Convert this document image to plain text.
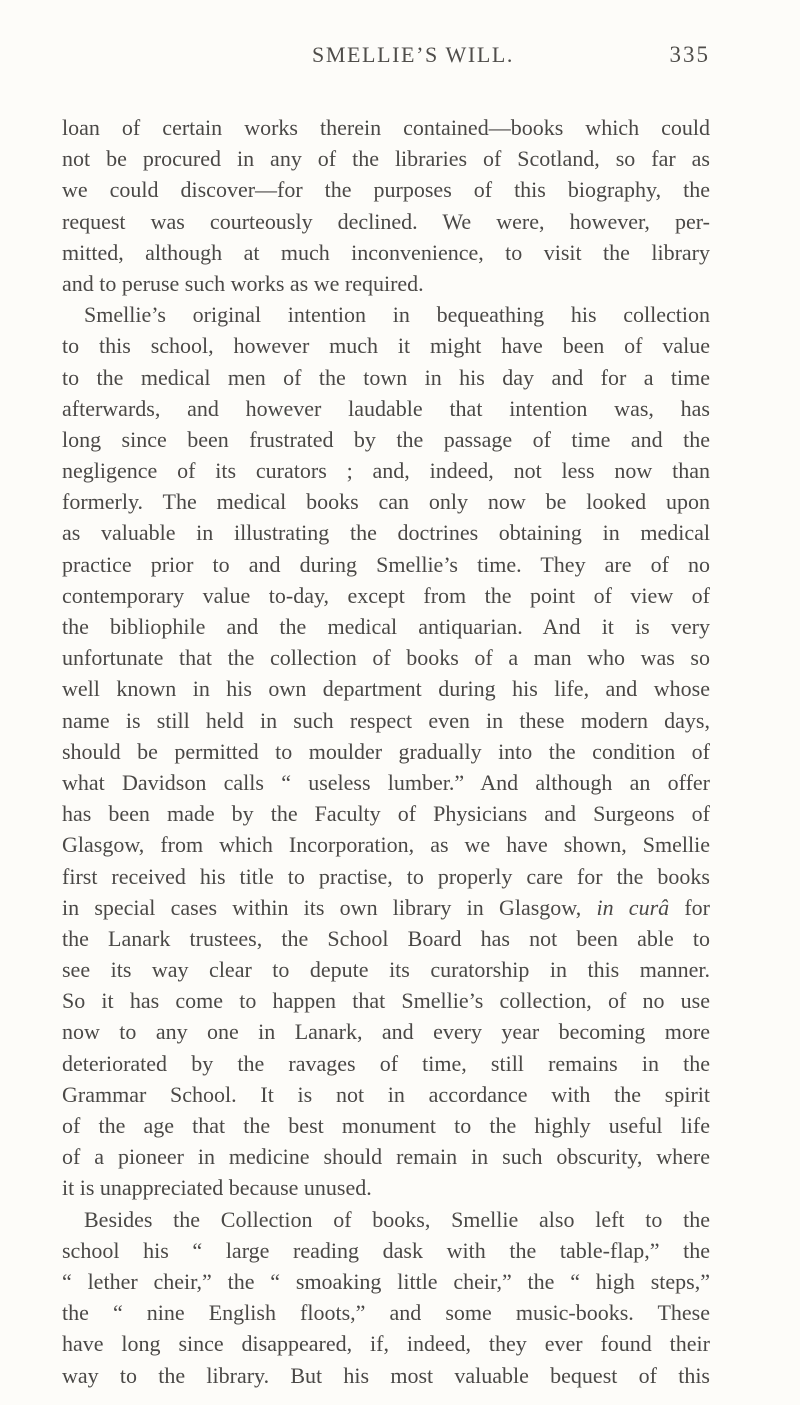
SMELLIE’S WILL.	335
loan of certain works therein contained—books which could
not be procured in any of the libraries of Scotland, so far as
we could discover—for the purposes of this biography, the
request was courteously declined. We were, however, per-
mitted, although at much inconvenience, to visit the library
and to peruse such works as we required.
Smellie’s original intention in bequeathing his collection
to this school, however much it might have been of value
to the medical men of the town in his day and for a time
afterwards, and however laudable that intention was, has
long since been frustrated by the passage of time and the
negligence of its curators ; and, indeed, not less now than
formerly. The medical books can only now be looked upon
as valuable in illustrating the doctrines obtaining in medical
practice prior to and during Smellie’s time. They are of no
contemporary value to-day, except from the point of view of
the bibliophile and the medical antiquarian. And it is very
unfortunate that the collection of books of a man who was so
well known in his own department during his life, and whose
name is still held in such respect even in these modern days,
should be permitted to moulder gradually into the condition of
what Davidson calls “ useless lumber.” And although an offer
has been made by the Faculty of Physicians and Surgeons of
Glasgow, from which Incorporation, as we have shown, Smellie
first received his title to practise, to properly care for the books
in special cases within its own library in Glasgow, in curâ for
the Lanark trustees, the School Board has not been able to
see its way clear to depute its curatorship in this manner.
So it has come to happen that Smellie’s collection, of no use
now to any one in Lanark, and every year becoming more
deteriorated by the ravages of time, still remains in the
Grammar School. It is not in accordance with the spirit
of the age that the best monument to the highly useful life
of a pioneer in medicine should remain in such obscurity, where
it is unappreciated because unused.
Besides the Collection of books, Smellie also left to the
school his “ large reading dask with the table-flap,” the
“ lether cheir,” the “ smoaking little cheir,” the “ high steps,”
the “ nine English floots,” and some music-books. These
have long since disappeared, if, indeed, they ever found their
way to the library. But his most valuable bequest of this
